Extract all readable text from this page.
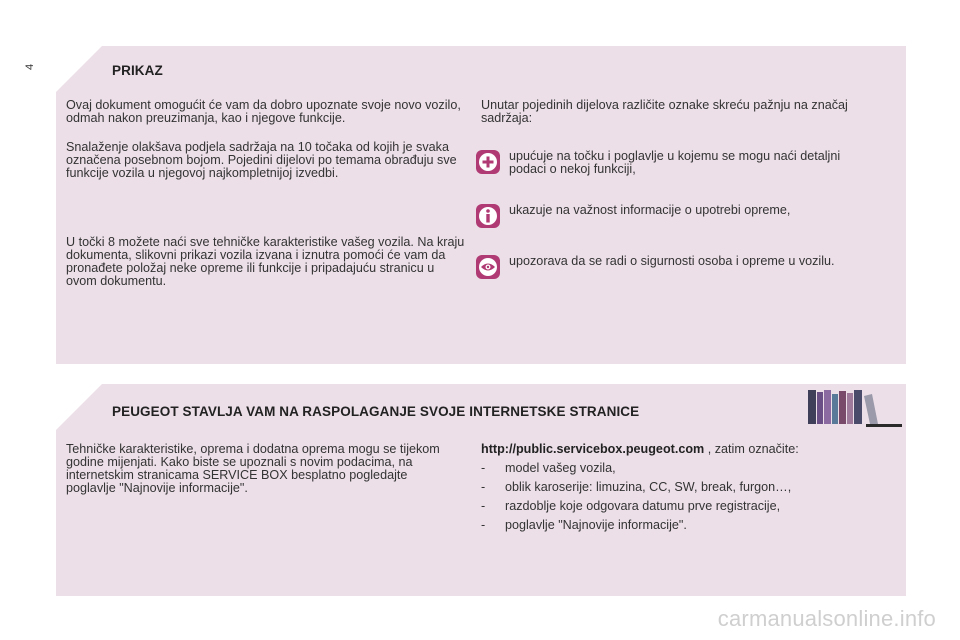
4	PRIKAZ

Ovaj dokument omogućit će vam da dobro upoznate svoje novo vozilo, odmah nakon preuzimanja, kao i njegove funkcije.

Snalaženje olakšava podjela sadržaja na 10 točaka od kojih je svaka označena posebnom bojom. Pojedini dijelovi po temama obrađuju sve funkcije vozila u njegovoj najkompletnijoj izvedbi.

U točki 8 možete naći sve tehničke karakteristike vašeg vozila. Na kraju dokumenta, slikovni prikazi vozila izvana i iznutra pomoći će vam da pronađete položaj neke opreme ili funkcije i pripadajuću stranicu u ovom dokumentu.

Unutar pojedinih dijelova različite oznake skreću pažnju na značaj sadržaja:

upućuje na točku i poglavlje u kojemu se mogu naći detaljni podaci o nekoj funkciji,
ukazuje na važnost informacije o upotrebi opreme,
upozorava da se radi o sigurnosti osoba i opreme u vozilu.
PEUGEOT STAVLJA VAM NA RASPOLAGANJE SVOJE INTERNETSKE STRANICE

Tehničke karakteristike, oprema i dodatna oprema mogu se tijekom godine mijenjati. Kako biste se upoznali s novim podacima, na internetskim stranicama SERVICE BOX besplatno pogledajte poglavlje "Najnovije informacije".

http://public.servicebox.peugeot.com , zatim označite:
-	model vašeg vozila,
-	oblik karoserije: limuzina, CC, SW, break, furgon…,
-	razdoblje koje odgovara datumu prve registracije,
-	poglavlje "Najnovije informacije".
carmanualsonline.info
